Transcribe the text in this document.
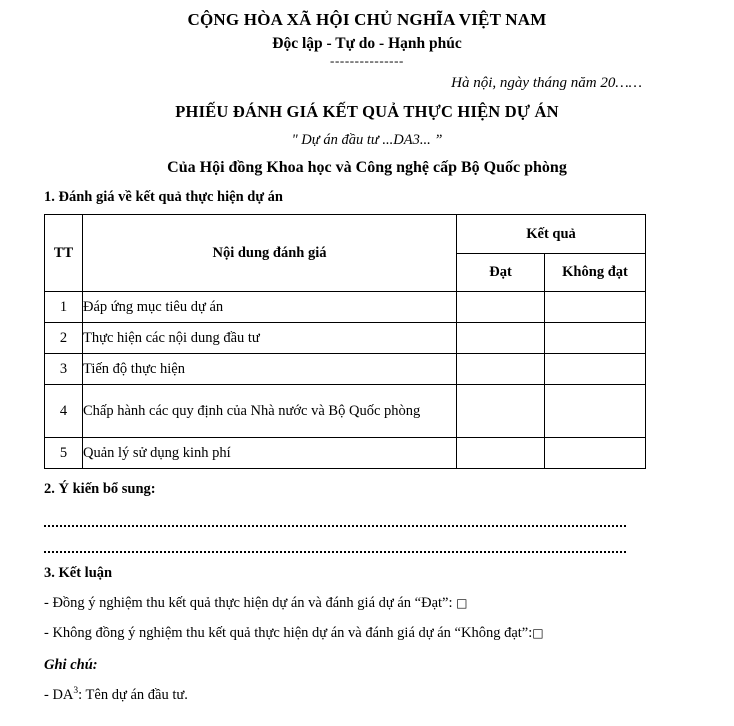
CỘNG HÒA XÃ HỘI CHỦ NGHĨA VIỆT NAM
Độc lập - Tự do - Hạnh phúc
---------------
Hà nội, ngày tháng năm 20……
PHIẾU ĐÁNH GIÁ KẾT QUẢ THỰC HIỆN DỰ ÁN
" Dự án đầu tư ...DA3... ”
Của Hội đồng Khoa học và Công nghệ cấp Bộ Quốc phòng
1. Đánh giá về kết quả thực hiện dự án
TT	Nội dung đánh giá	Kết quả	
		Đạt	Không đạt
1	Đáp ứng mục tiêu dự án		
2	Thực hiện các nội dung đầu tư		
3	Tiến độ thực hiện		
4	Chấp hành các quy định của Nhà nước và Bộ Quốc phòng		
5	Quản lý sử dụng kinh phí		
2. Ý kiến bổ sung:
3. Kết luận
- Đồng ý nghiệm thu kết quả thực hiện dự án và đánh giá dự án “Đạt”: □
- Không đồng ý nghiệm thu kết quả thực hiện dự án và đánh giá dự án “Không đạt”:□
Ghi chú:
- $DA^3$: Tên dự án đầu tư.
